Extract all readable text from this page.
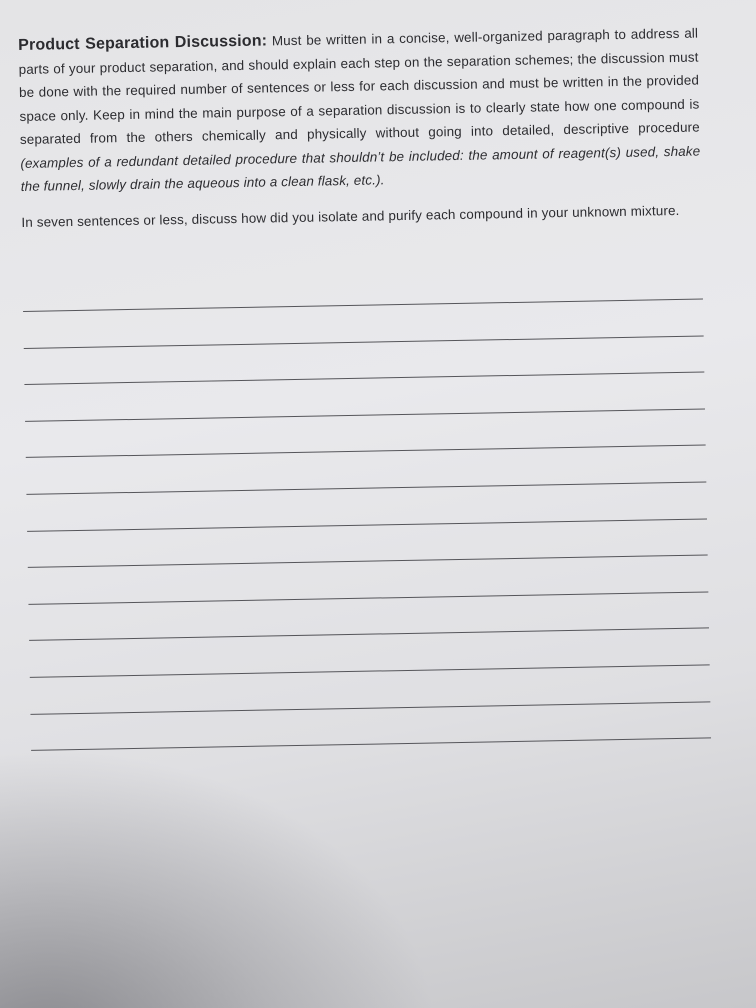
Product Separation Discussion: Must be written in a concise, well-organized paragraph to address all parts of your product separation, and should explain each step on the separation schemes; the discussion must be done with the required number of sentences or less for each discussion and must be written in the provided space only. Keep in mind the main purpose of a separation discussion is to clearly state how one compound is separated from the others chemically and physically without going into detailed, descriptive procedure (examples of a redundant detailed procedure that shouldn’t be included: the amount of reagent(s) used, shake the funnel, slowly drain the aqueous into a clean flask, etc.).

In seven sentences or less, discuss how did you isolate and purify each compound in your unknown mixture.
